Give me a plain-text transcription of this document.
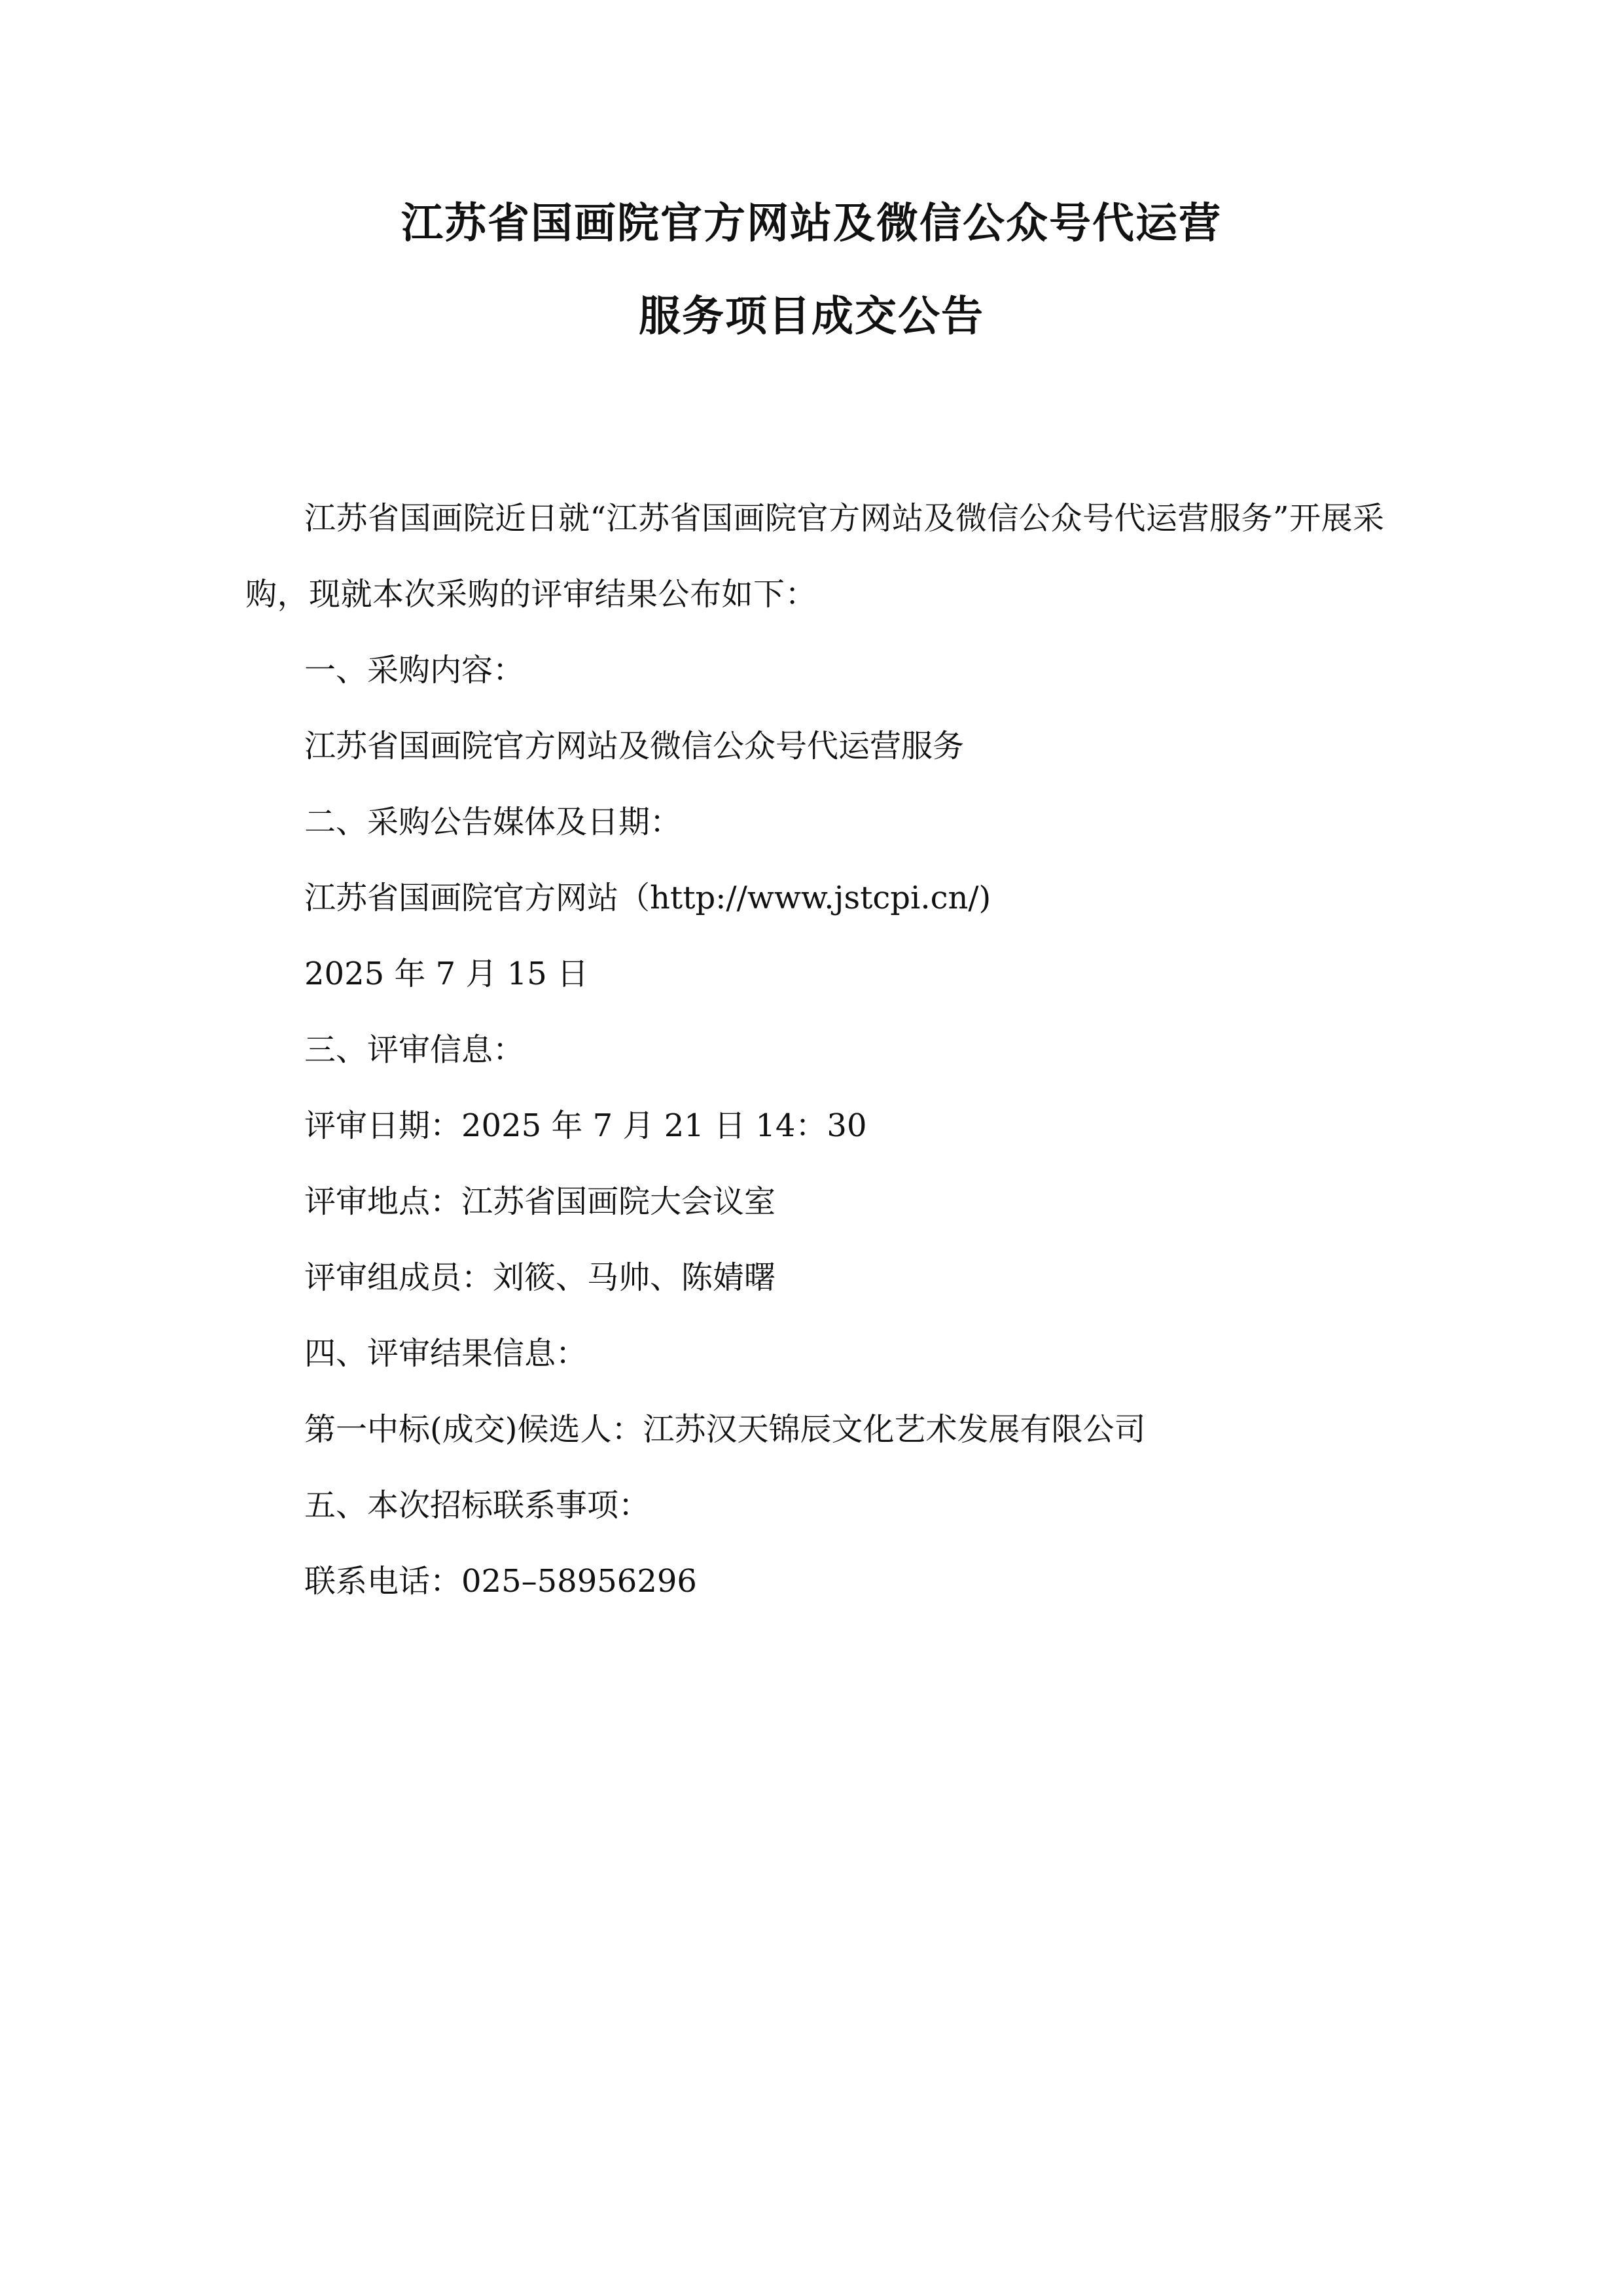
江苏省国画院官方网站及微信公众号代运营
服务项目成交公告

江苏省国画院近日就“江苏省国画院官方网站及微信公众号代运营服务”开展采购，现就本次采购的评审结果公布如下：

一、采购内容：

江苏省国画院官方网站及微信公众号代运营服务

二、采购公告媒体及日期：

江苏省国画院官方网站（http://www.jstcpi.cn/)

2025 年 7 月 15 日

三、评审信息：

评审日期：2025 年 7 月 21 日 14：30

评审地点：江苏省国画院大会议室

评审组成员：刘筱、马帅、陈婧曙

四、评审结果信息：

第一中标(成交)候选人：江苏汉天锦辰文化艺术发展有限公司

五、本次招标联系事项：

联系电话：025–58956296
